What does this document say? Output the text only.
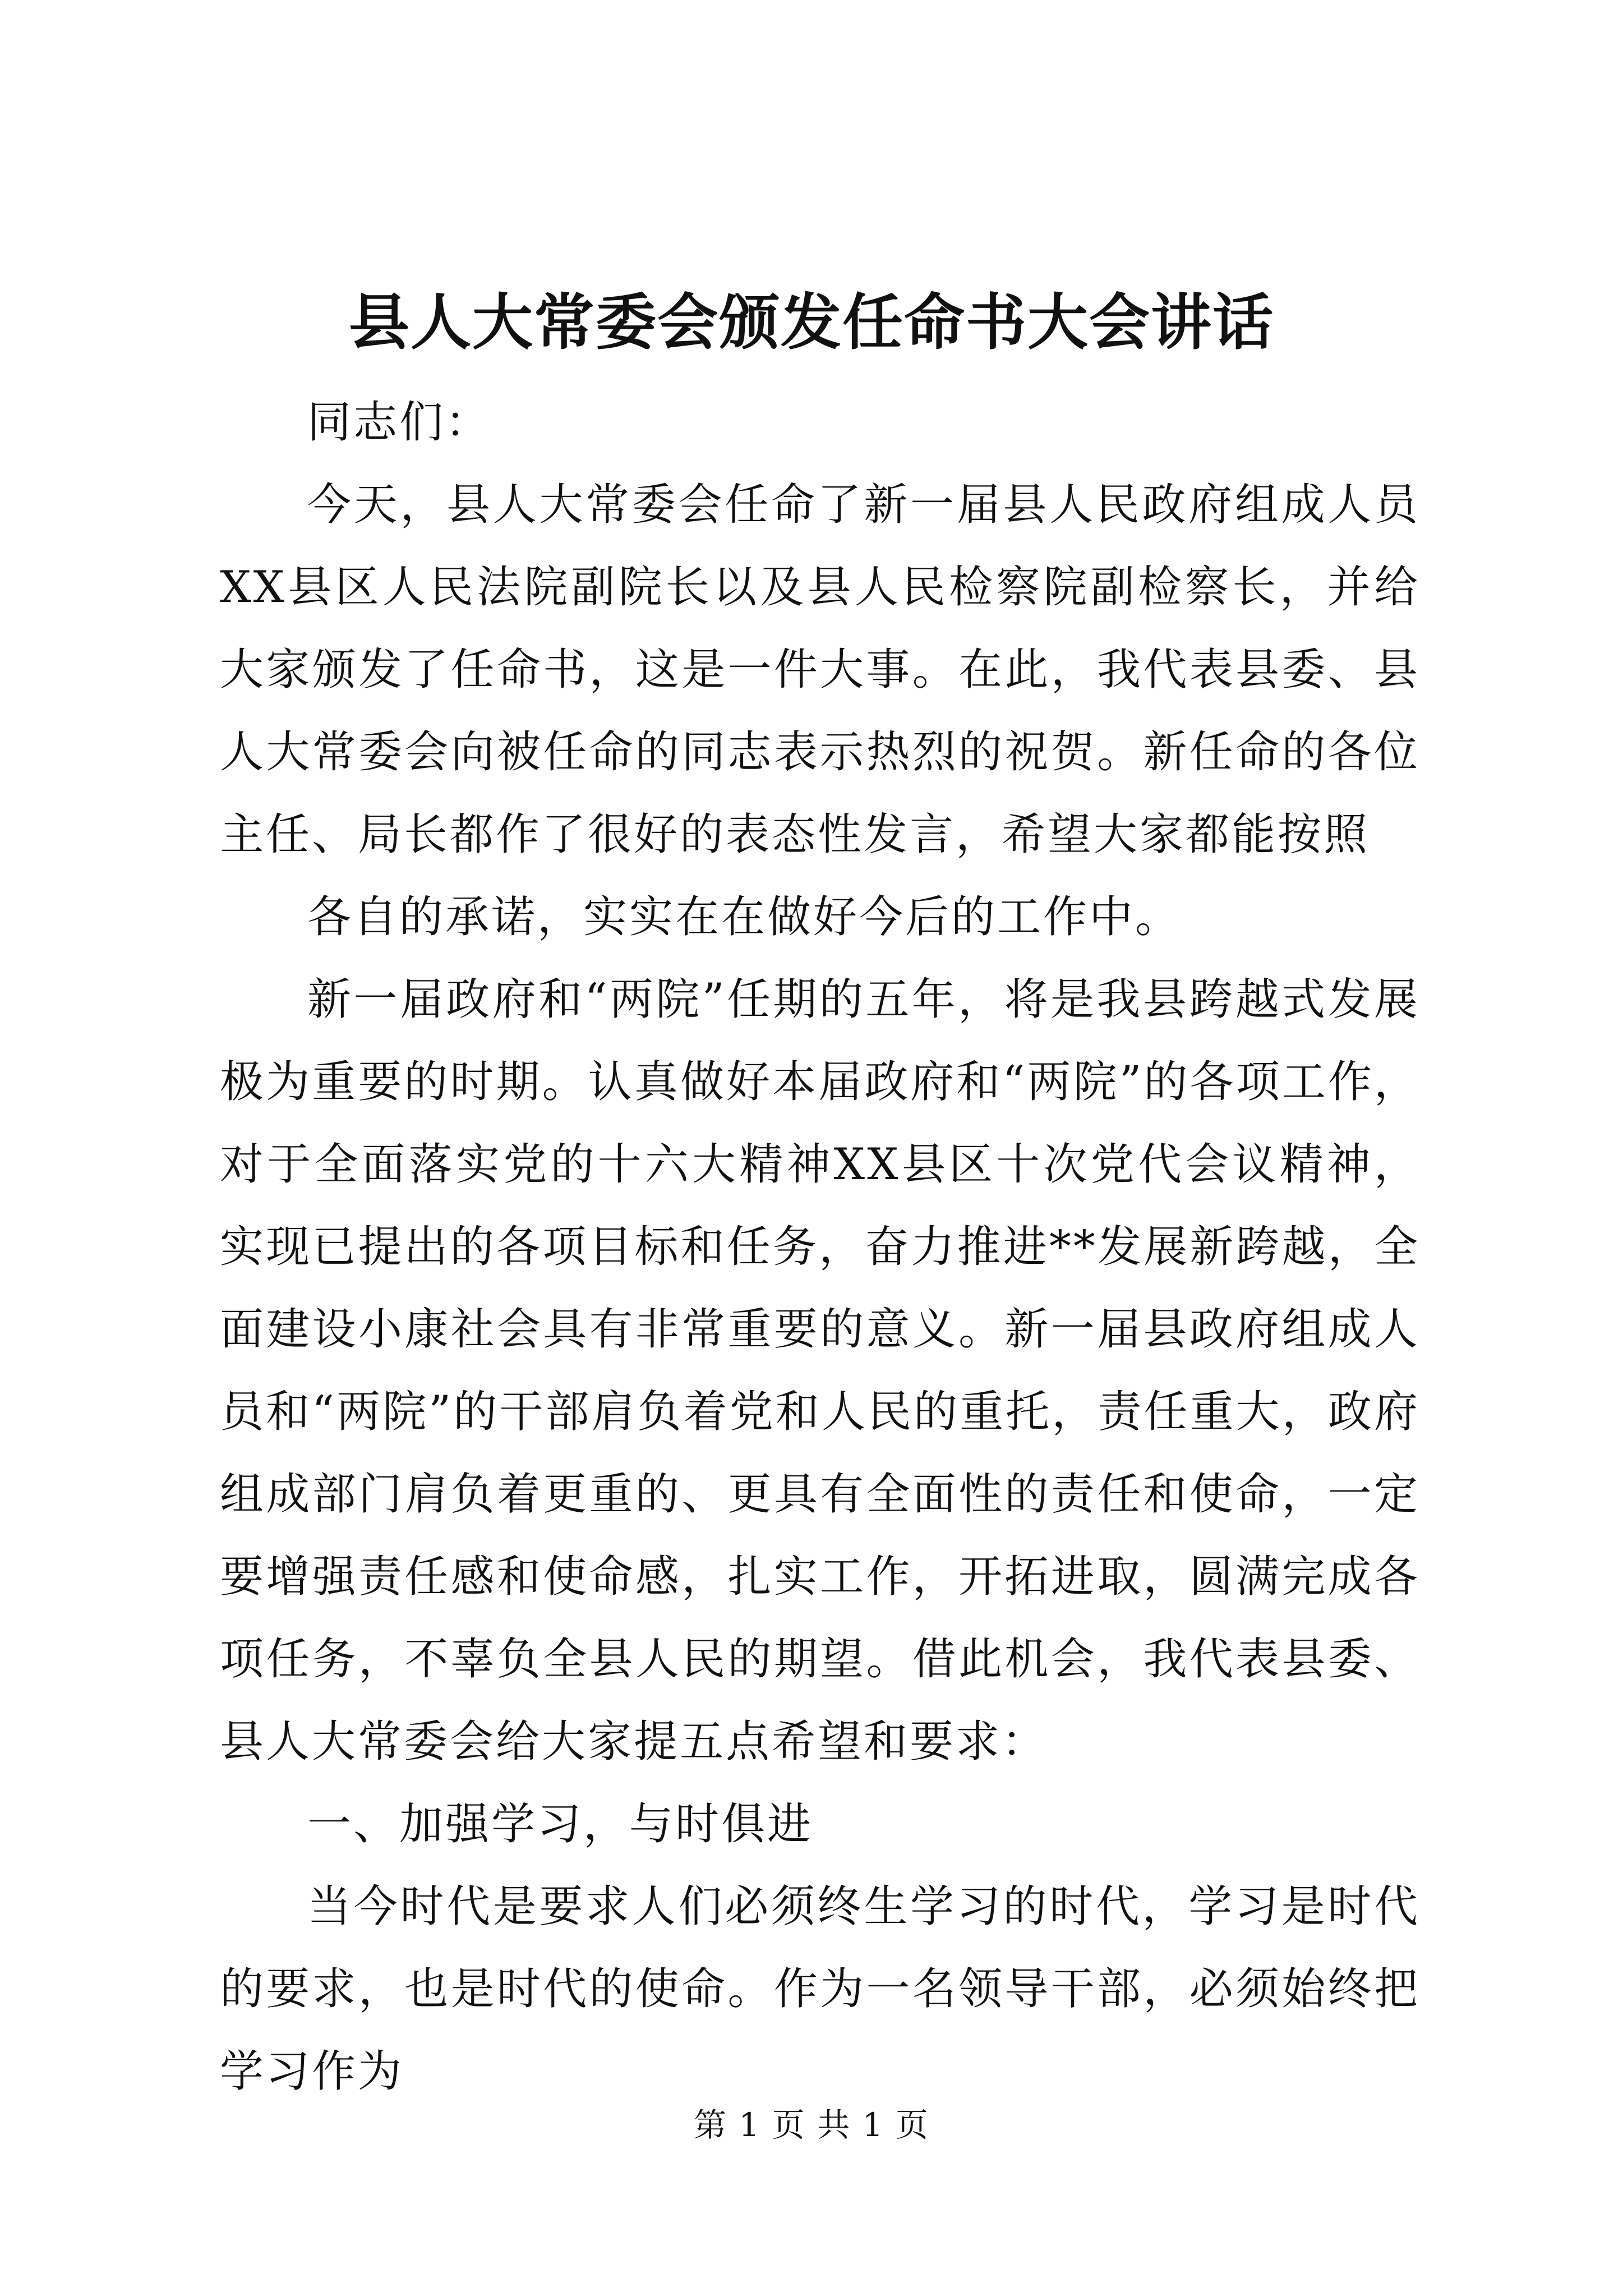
县人大常委会颁发任命书大会讲话

同志们：

今天，县人大常委会任命了新一届县人民政府组成人员XX县区人民法院副院长以及县人民检察院副检察长，并给大家颁发了任命书，这是一件大事。在此，我代表县委、县人大常委会向被任命的同志表示热烈的祝贺。新任命的各位主任、局长都作了很好的表态性发言，希望大家都能按照

各自的承诺，实实在在做好今后的工作中。

新一届政府和“两院”任期的五年，将是我县跨越式发展极为重要的时期。认真做好本届政府和“两院”的各项工作，对于全面落实党的十六大精神XX县区十次党代会议精神，实现已提出的各项目标和任务，奋力推进**发展新跨越，全面建设小康社会具有非常重要的意义。新一届县政府组成人员和“两院”的干部肩负着党和人民的重托，责任重大，政府组成部门肩负着更重的、更具有全面性的责任和使命，一定要增强责任感和使命感，扎实工作，开拓进取，圆满完成各项任务，不辜负全县人民的期望。借此机会，我代表县委、县人大常委会给大家提五点希望和要求：

一、加强学习，与时俱进

当今时代是要求人们必须终生学习的时代，学习是时代的要求，也是时代的使命。作为一名领导干部，必须始终把学习作为

第 1 页 共 1 页
